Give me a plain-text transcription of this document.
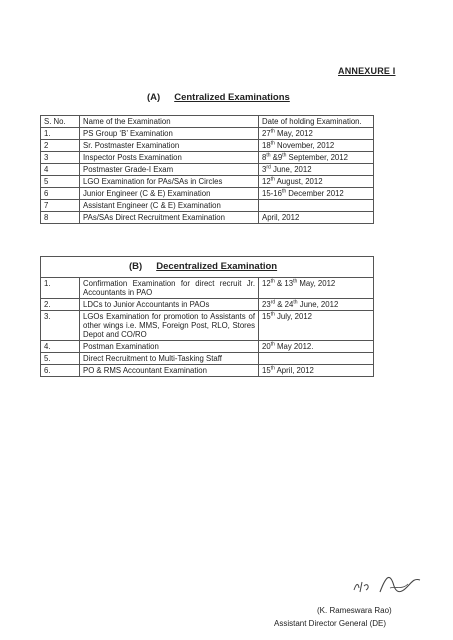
ANNEXURE I
(A) Centralized Examinations
S. No.	Name of the Examination	Date of holding Examination.
1.	PS Group ‘B’ Examination	27th May, 2012
2	Sr. Postmaster Examination	18th November, 2012
3	Inspector Posts Examination	8th &9th September, 2012
4	Postmaster Grade-I Exam	3rd June, 2012
5	LGO Examination for PAs/SAs in Circles	12th August, 2012
6	Junior Engineer (C & E) Examination	15-16th December 2012
7	Assistant Engineer (C & E) Examination	
8	PAs/SAs Direct Recruitment Examination	April, 2012
(B) Decentralized Examination

1.	Confirmation Examination for direct recruit Jr. Accountants in PAO	12th & 13th May, 2012
2.	LDCs to Junior Accountants in PAOs	23rd & 24th June, 2012
3.	LGOs Examination for promotion to Assistants of other wings i.e. MMS, Foreign Post, RLO, Stores Depot and CO/RO	15th July, 2012
4.	Postman Examination	20th May 2012.
5.	Direct Recruitment to Multi-Tasking Staff	
6.	PO & RMS Accountant Examination	15th April, 2012
(K. Rameswara Rao)
Assistant Director General (DE)
